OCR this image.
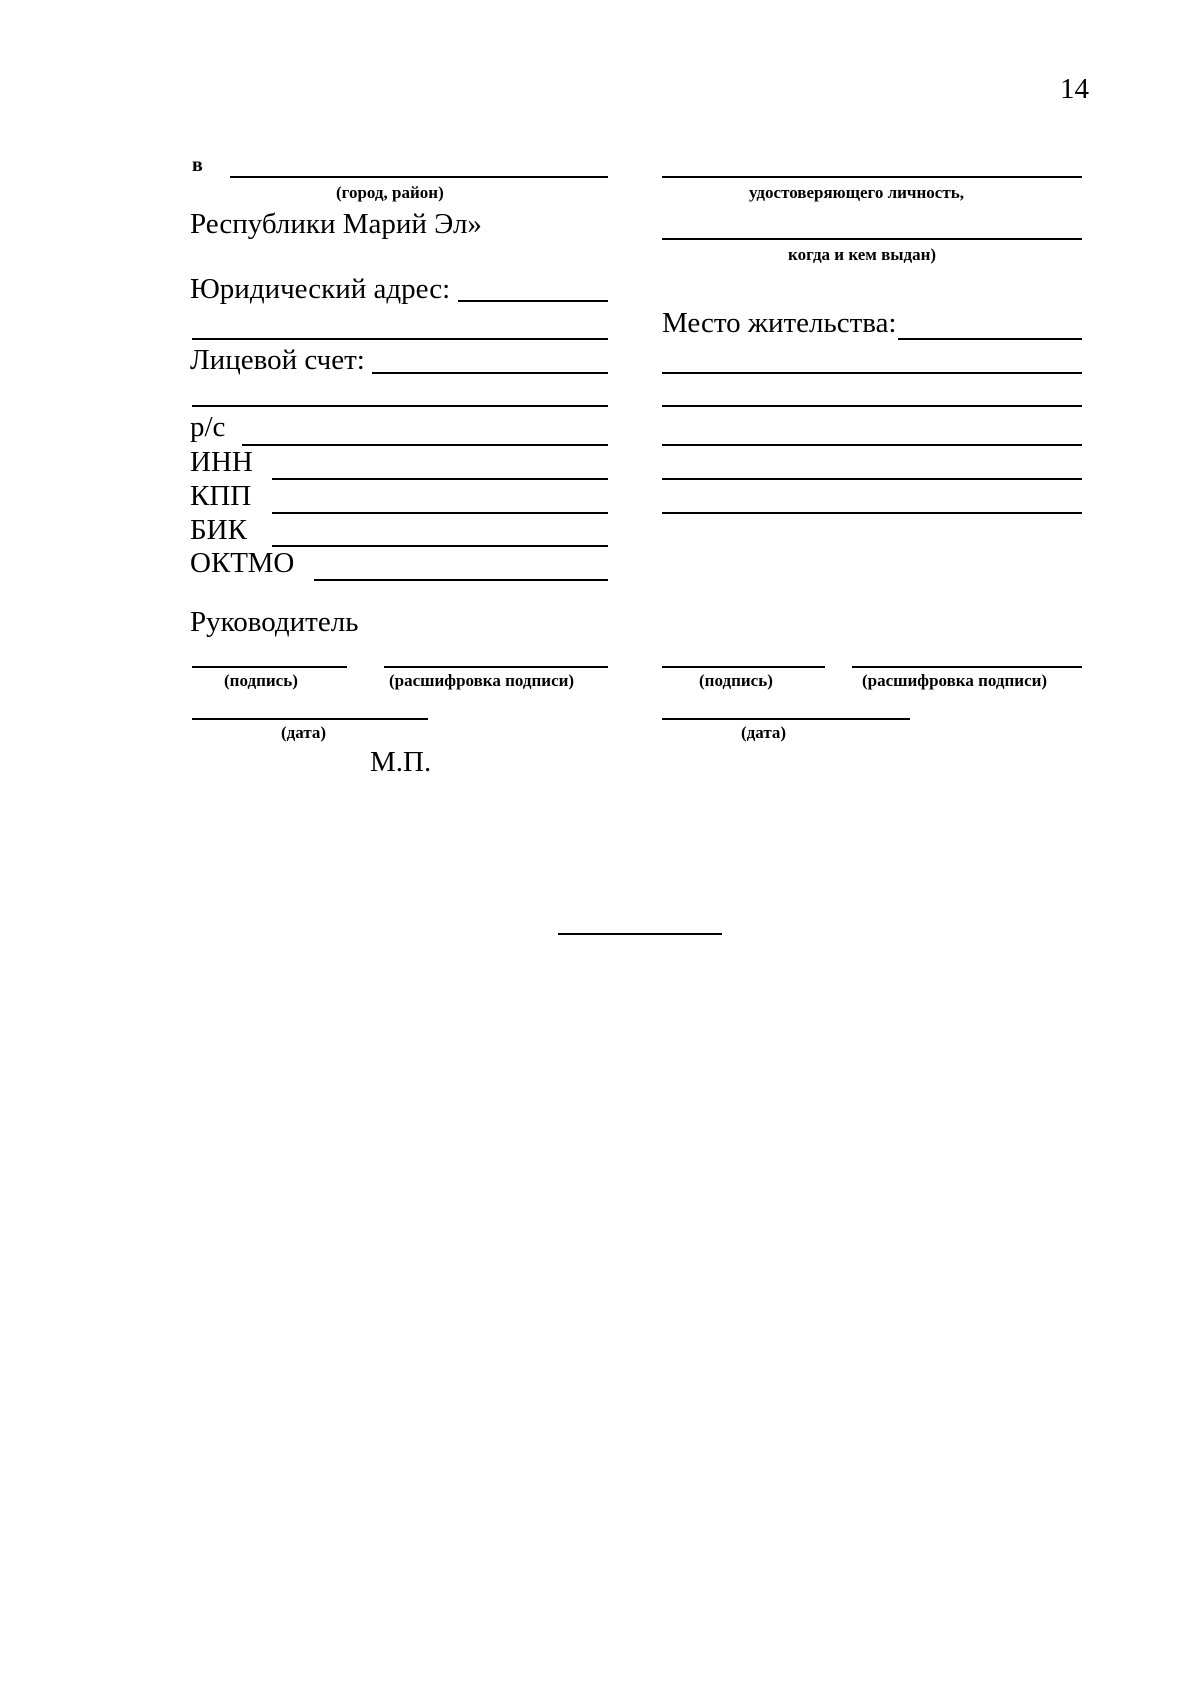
14
в
(город, район)
Республики Марий Эл»
Юридический адрес:
Лицевой счет:
р/с
ИНН
КПП
БИК
ОКТМО
Руководитель
(подпись)	(расшифровка подписи)
(дата)
М.П.
удостоверяющего личность,
когда и кем выдан)
Место жительства:
(подпись)	(расшифровка подписи)
(дата)
